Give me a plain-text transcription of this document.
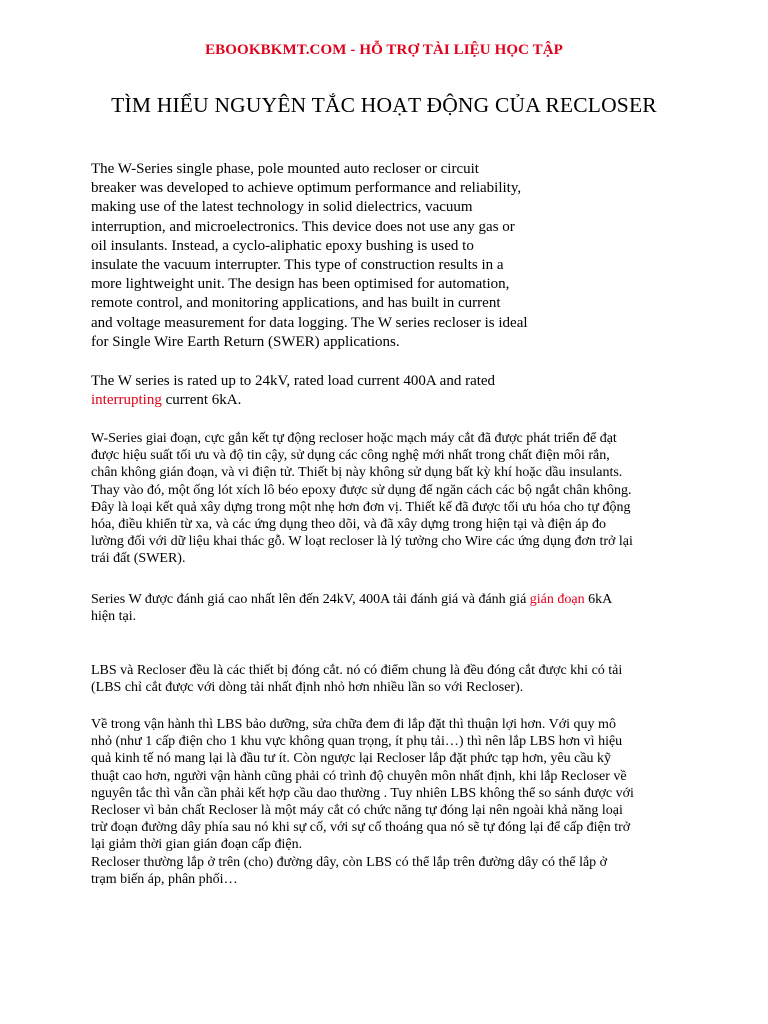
EBOOKBKMT.COM - HỖ TRỢ TÀI LIỆU HỌC TẬP
TÌM HIỂU NGUYÊN TẮC HOẠT ĐỘNG CỦA RECLOSER
The W-Series single phase, pole mounted auto recloser or circuit
breaker was developed to achieve optimum performance and reliability,
making use of the latest technology in solid dielectrics, vacuum
interruption, and microelectronics. This device does not use any gas or
oil insulants. Instead, a cyclo-aliphatic epoxy bushing is used to
insulate the vacuum interrupter. This type of construction results in a
more lightweight unit. The design has been optimised for automation,
remote control, and monitoring applications, and has built in current
and voltage measurement for data logging. The W series recloser is ideal
for Single Wire Earth Return (SWER) applications.
The W series is rated up to 24kV, rated load current 400A and rated
interrupting current 6kA.
W-Series giai đoạn, cực gắn kết tự động recloser hoặc mạch máy cắt đã được phát triển để đạt
được hiệu suất tối ưu và độ tin cậy, sử dụng các công nghệ mới nhất trong chất điện môi rắn,
chân không gián đoạn, và vi điện tử. Thiết bị này không sử dụng bất kỳ khí hoặc dầu insulants.
Thay vào đó, một ống lót xích lô béo epoxy được sử dụng để ngăn cách các bộ ngắt chân không.
Đây là loại kết quả xây dựng trong một nhẹ hơn đơn vị. Thiết kế đã được tối ưu hóa cho tự động
hóa, điều khiển từ xa, và các ứng dụng theo dõi, và đã xây dựng trong hiện tại và điện áp đo
lường đối với dữ liệu khai thác gỗ. W loạt recloser là lý tưởng cho Wire các ứng dụng đơn trở lại
trái đất (SWER).
Series W được đánh giá cao nhất lên đến 24kV, 400A tải đánh giá và đánh giá gián đoạn 6kA
hiện tại.
LBS và Recloser đều là các thiết bị đóng cắt. nó có điểm chung là đều đóng cắt được khi có tải
(LBS chỉ cắt được với dòng tải nhất định nhỏ hơn nhiều lần so với Recloser).
Về trong vận hành thì LBS bảo dưỡng, sửa chữa đem đi lắp đặt thì thuận lợi hơn. Với quy mô
nhỏ (như 1 cấp điện cho 1 khu vực không quan trọng, ít phụ tải…) thì nên lắp LBS hơn vì hiệu
quả kinh tế nó mang lại là đầu tư ít. Còn ngược lại Recloser lắp đặt phức tạp hơn, yêu cầu kỹ
thuật cao hơn, người vận hành cũng phải có trình độ chuyên môn nhất định, khi lắp Recloser về
nguyên tắc thì vẫn cần phải kết hợp cầu dao thường . Tuy nhiên LBS không thể so sánh được với
Recloser vì bản chất Recloser là một máy cắt có chức năng tự đóng lại nên ngoài khả năng loại
trừ đoạn đường dây phía sau nó khi sự cố, với sự cố thoáng qua nó sẽ tự đóng lại để cấp điện trở
lại giảm thời gian gián đoạn cấp điện.
Recloser thường lắp ở trên (cho) đường dây, còn LBS có thể lắp trên đường dây có thể lắp ở
trạm biến áp, phân phối…
